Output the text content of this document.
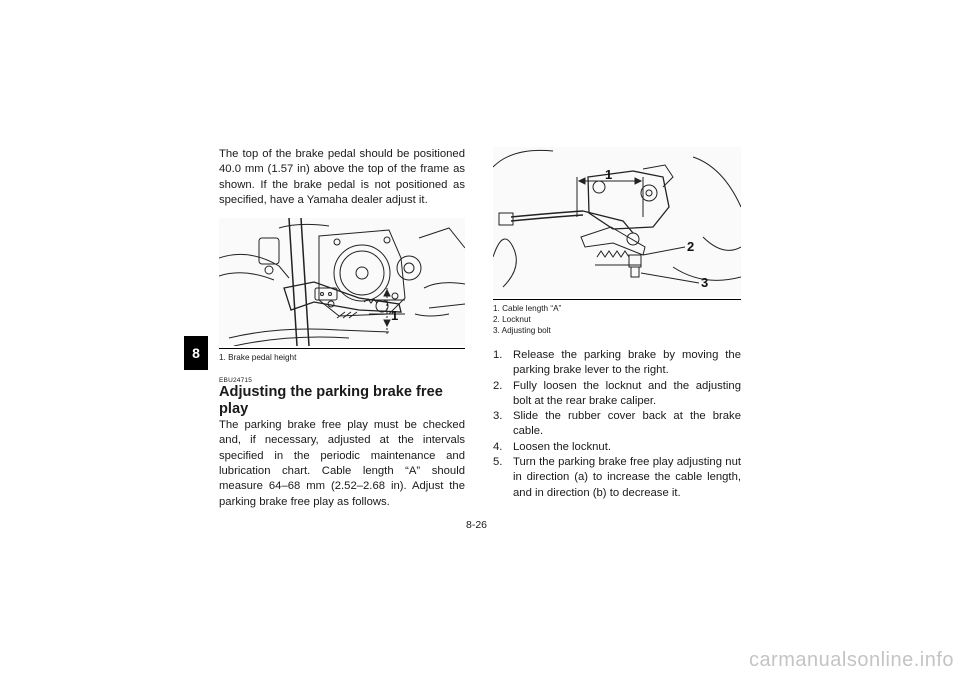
8

The top of the brake pedal should be positioned 40.0 mm (1.57 in) above the top of the frame as shown. If the brake pedal is not positioned as specified, have a Yamaha dealer adjust it.

1

1. Brake pedal height

EBU24715
Adjusting the parking brake free play

The parking brake free play must be checked and, if necessary, adjusted at the intervals specified in the periodic maintenance and lubrication chart. Cable length “A” should measure 64–68 mm (2.52–2.68 in). Adjust the parking brake free play as follows.

1
2
3

1. Cable length “A”

2. Locknut

3. Adjusting bolt

1. Release the parking brake by moving the parking brake lever to the right.
2. Fully loosen the locknut and the adjusting bolt at the rear brake caliper.
3. Slide the rubber cover back at the brake cable.
4. Loosen the locknut.
5. Turn the parking brake free play adjusting nut in direction (a) to increase the cable length, and in direction (b) to decrease it.
8-26
carmanualsonline.info
